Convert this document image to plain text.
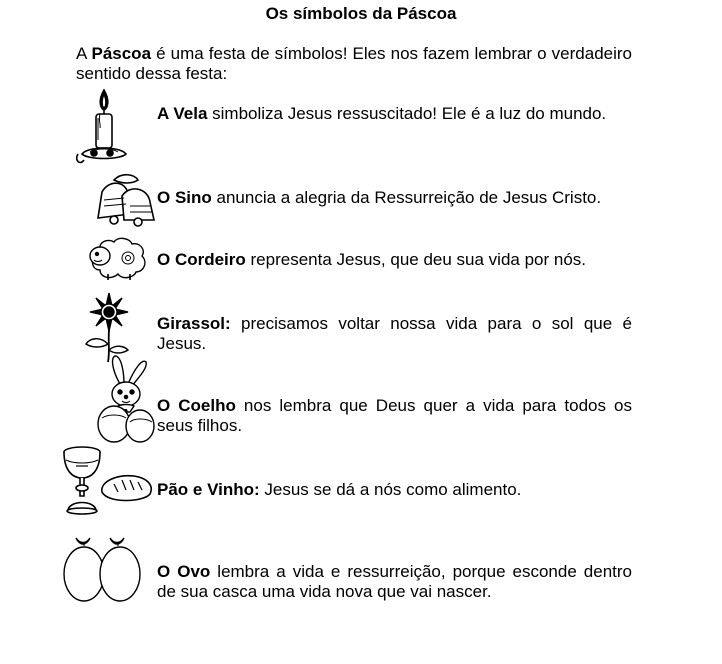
Os símbolos da Páscoa
A Páscoa é uma festa de símbolos! Eles nos fazem lembrar o verdadeiro sentido dessa festa:
A Vela simboliza Jesus ressuscitado! Ele é a luz do mundo.
O Sino anuncia a alegria da Ressurreição de Jesus Cristo.
O Cordeiro representa Jesus, que deu sua vida por nós.
Girassol: precisamos voltar nossa vida para o sol que é Jesus.
O Coelho nos lembra que Deus quer a vida para todos os seus filhos.
Pão e Vinho: Jesus se dá a nós como alimento.
O Ovo lembra a vida e ressurreição, porque esconde dentro de sua casca uma vida nova que vai nascer.
